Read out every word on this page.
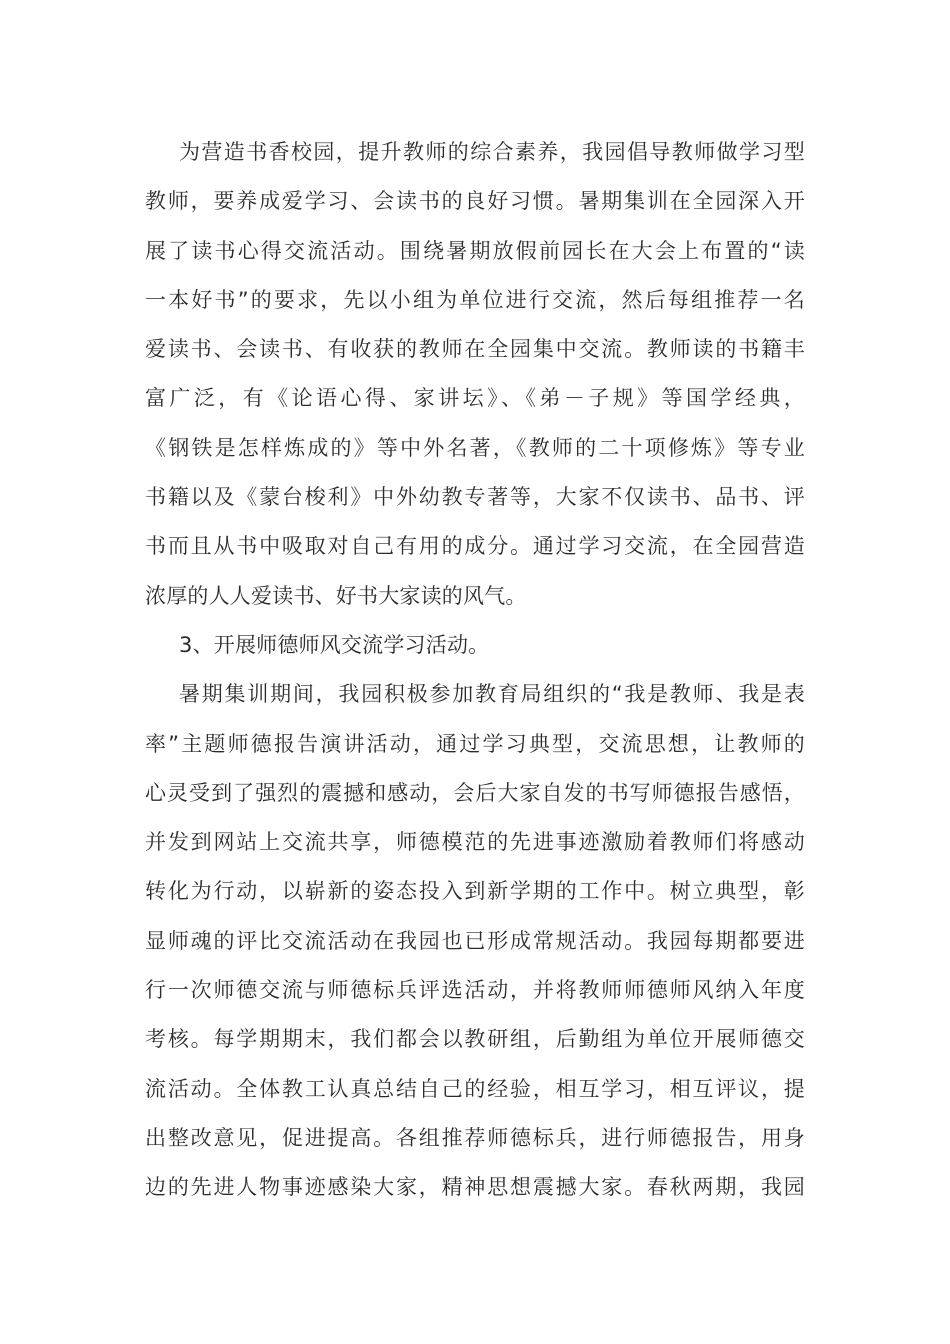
为营造书香校园，提升教师的综合素养，我园倡导教师做学习型
教师，要养成爱学习、会读书的良好习惯。暑期集训在全园深入开
展了读书心得交流活动。围绕暑期放假前园长在大会上布置的“读
一本好书”的要求，先以小组为单位进行交流，然后每组推荐一名
爱读书、会读书、有收获的教师在全园集中交流。教师读的书籍丰
富广泛，有《论语心得、家讲坛》、《弟－子规》等国学经典，
《钢铁是怎样炼成的》等中外名著，《教师的二十项修炼》等专业
书籍以及《蒙台梭利》中外幼教专著等，大家不仅读书、品书、评
书而且从书中吸取对自己有用的成分。通过学习交流，在全园营造
浓厚的人人爱读书、好书大家读的风气。
3、开展师德师风交流学习活动。
暑期集训期间，我园积极参加教育局组织的“我是教师、我是表
率”主题师德报告演讲活动，通过学习典型，交流思想，让教师的
心灵受到了强烈的震撼和感动，会后大家自发的书写师德报告感悟，
并发到网站上交流共享，师德模范的先进事迹激励着教师们将感动
转化为行动，以崭新的姿态投入到新学期的工作中。树立典型，彰
显师魂的评比交流活动在我园也已形成常规活动。我园每期都要进
行一次师德交流与师德标兵评选活动，并将教师师德师风纳入年度
考核。每学期期末，我们都会以教研组，后勤组为单位开展师德交
流活动。全体教工认真总结自己的经验，相互学习，相互评议，提
出整改意见，促进提高。各组推荐师德标兵，进行师德报告，用身
边的先进人物事迹感染大家，精神思想震撼大家。春秋两期，我园
